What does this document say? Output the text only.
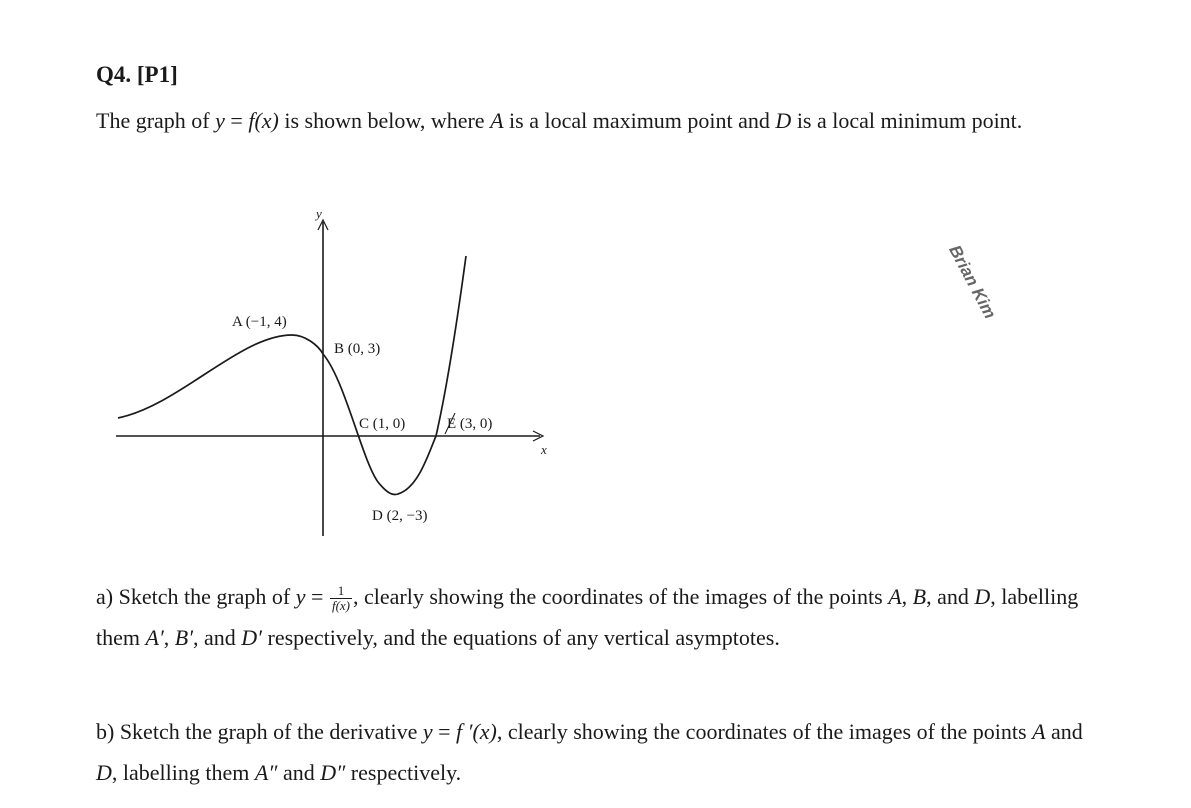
Q4. [P1]

The graph of y = f(x) is shown below, where A is a local maximum point and D is a local minimum point.

x
y
A (−1, 4)
B (0, 3)
C (1, 0)	E (3, 0)
D (2, −3)
Brian Kim

a) Sketch the graph of $y = \frac{1}{f(x)}$ , clearly showing the coordinates of the images of the points A, B, and D, labelling them A′, B′, and D′ respectively, and the equations of any vertical asymptotes.

b) Sketch the graph of the derivative y = f ′(x), clearly showing the coordinates of the images of the points A and D, labelling them A″ and D″ respectively.
